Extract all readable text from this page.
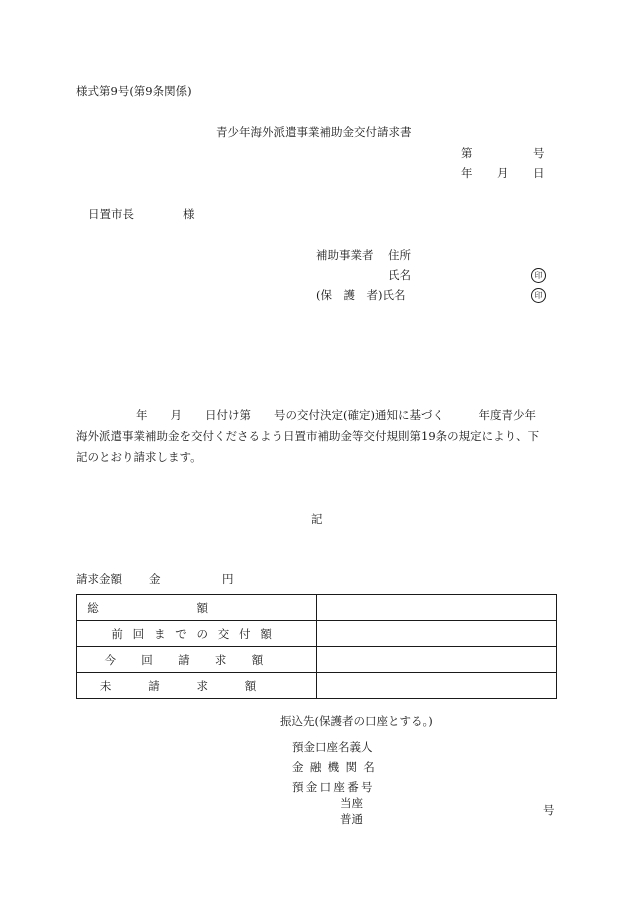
様式第9号(第9条関係)
青少年海外派遣事業補助金交付請求書
第	号
年 月 日
日置市長	様
補助事業者 住所
氏名	印
(保　護　者)氏名	印
年　　月　　日付け第　　号の交付決定(確定)通知に基づく　　　年度青少年
海外派遣事業補助金を交付くださるよう日置市補助金等交付規則第19条の規定により、下
記のとおり請求します。
記
請求金額 金	円
総額	
前回までの交付額	
今回請求額	
未請求額	
振込先(保護者の口座とする。)
預金口座名義人
金融機関名
預金口座番号
当座
普通
号
